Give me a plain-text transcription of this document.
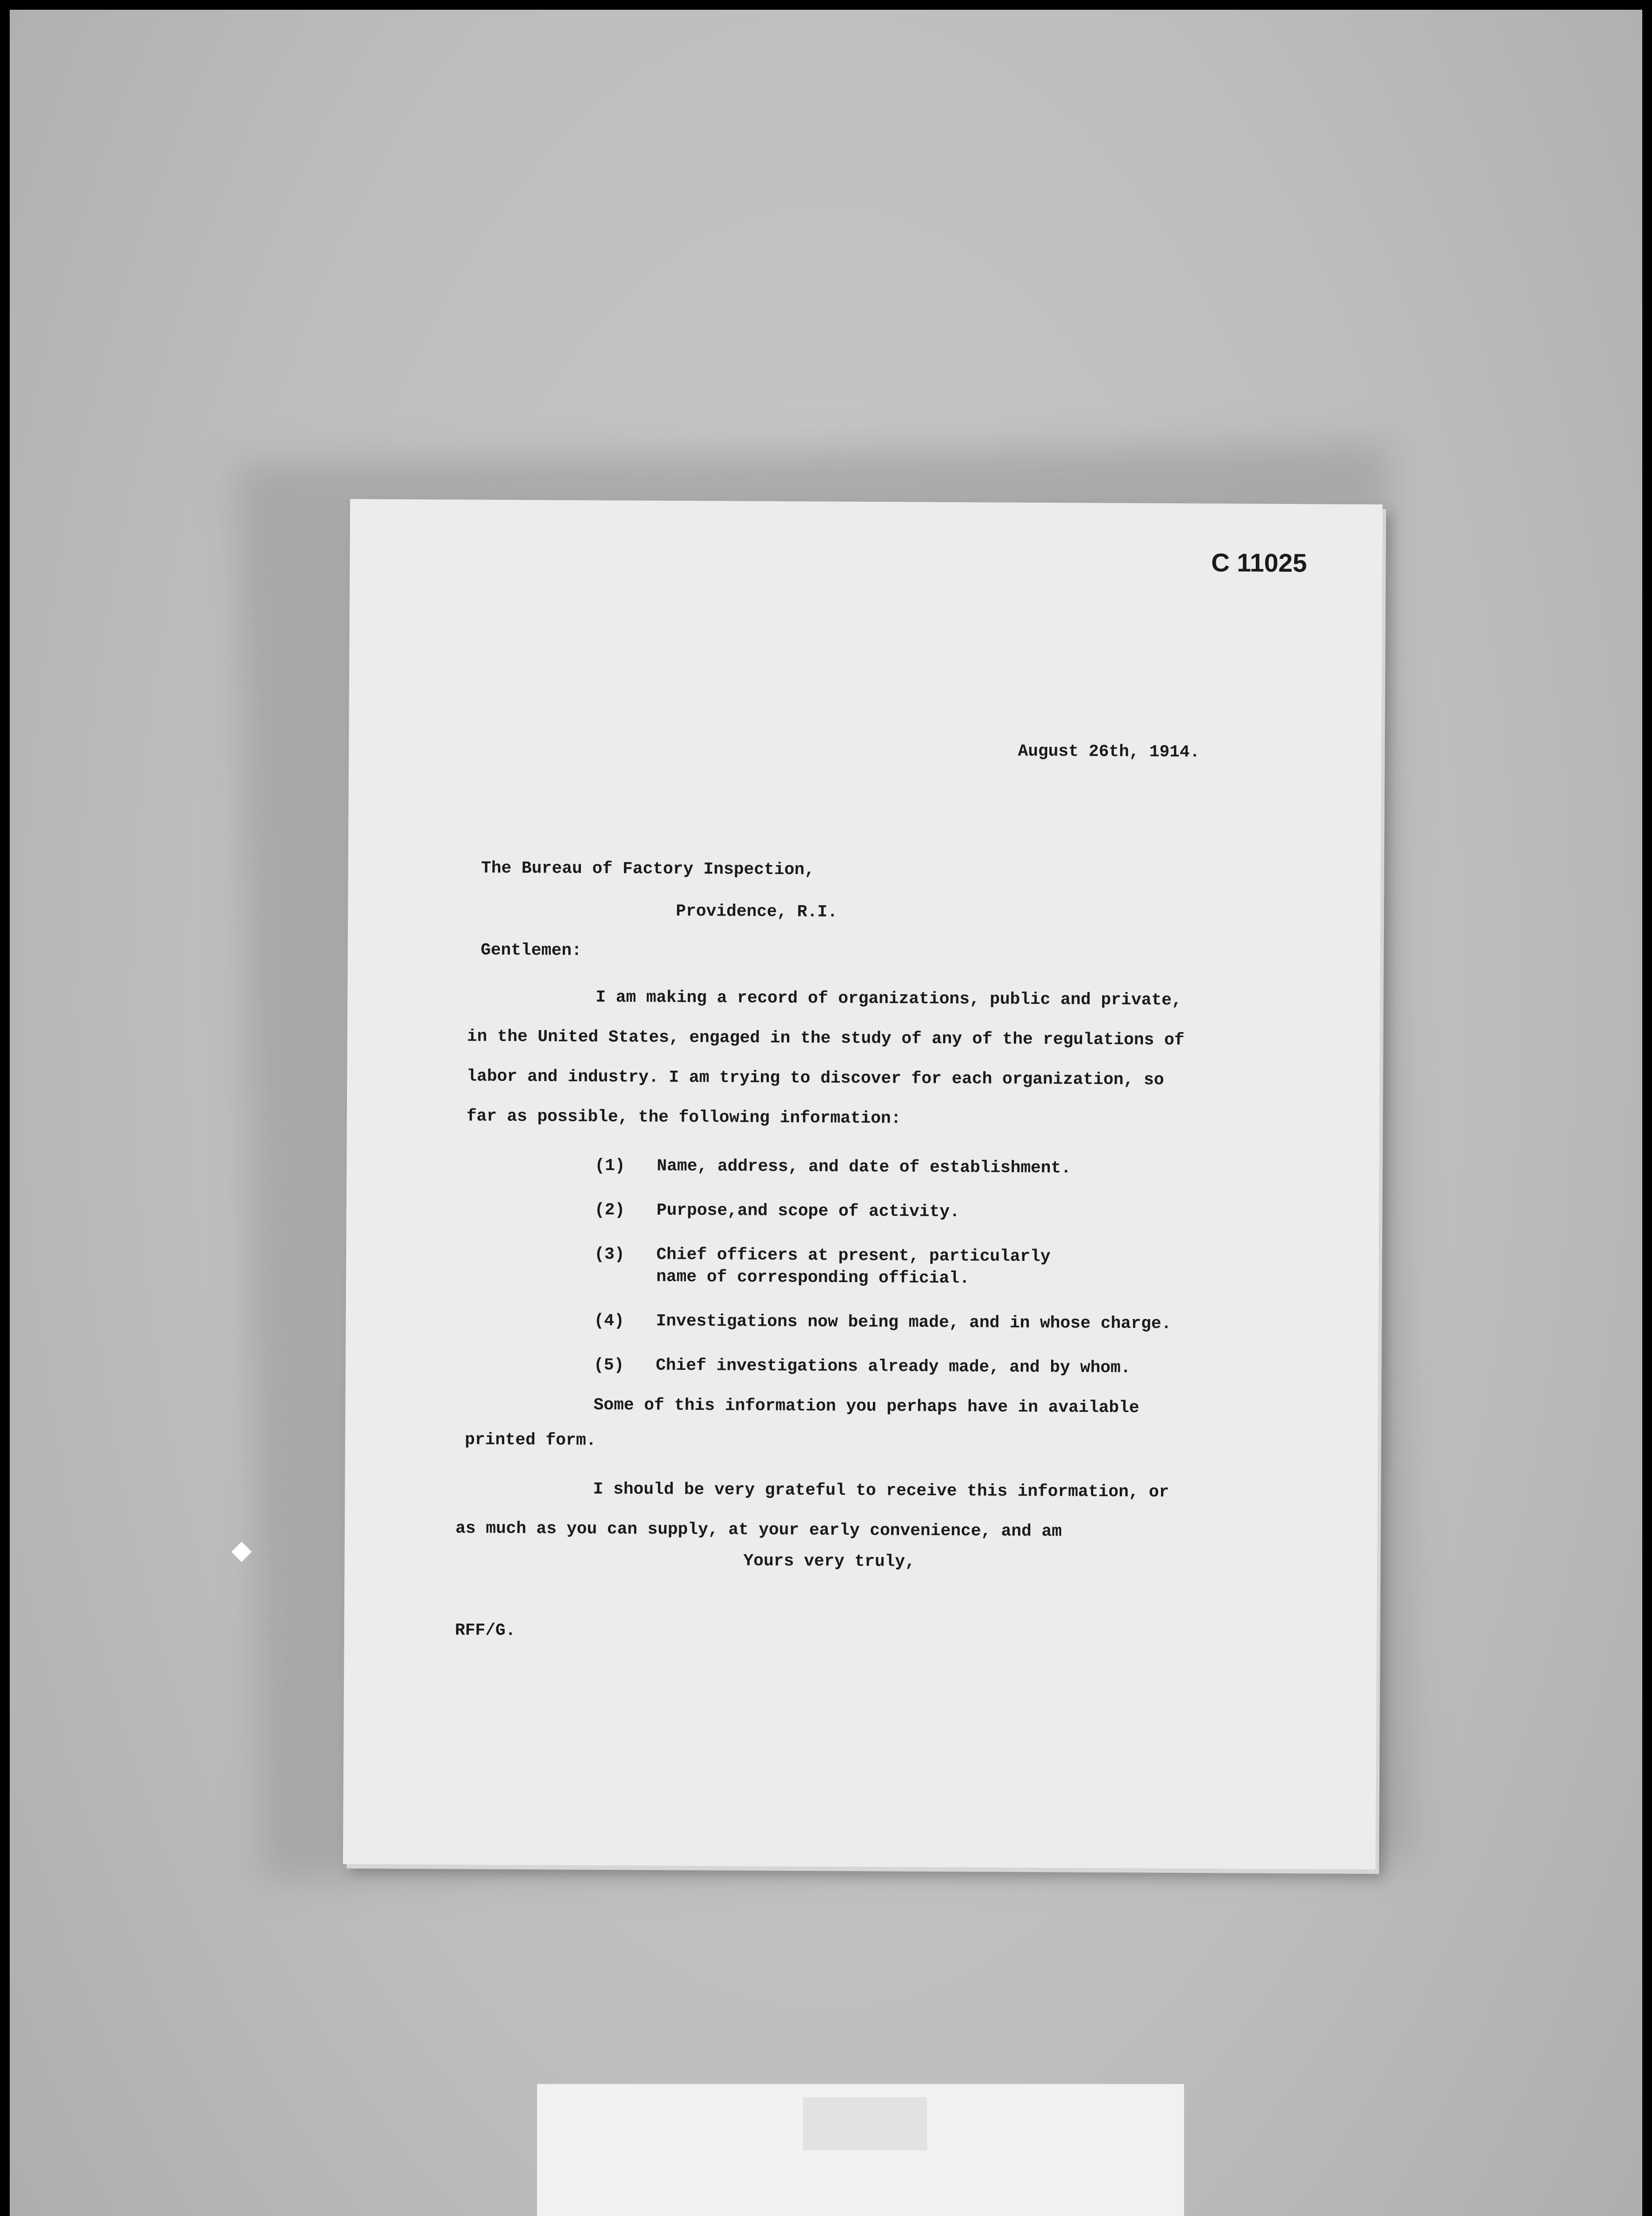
C 11025
August 26th, 1914.
The Bureau of Factory Inspection,
Providence, R.I.
Gentlemen:
I am making a record of organizations, public and private,
in the United States, engaged in the study of any of the regulations of
labor and industry. I am trying to discover for each organization, so
far as possible, the following information:
(1) Name, address, and date of establishment.
(2) Purpose,and scope of activity.
(3) Chief officers at present, particularly
name of corresponding official.
(4) Investigations now being made, and in whose charge.
(5) Chief investigations already made, and by whom.
Some of this information you perhaps have in available
printed form.
I should be very grateful to receive this information, or
as much as you can supply, at your early convenience, and am
Yours very truly,
RFF/G.
◆
